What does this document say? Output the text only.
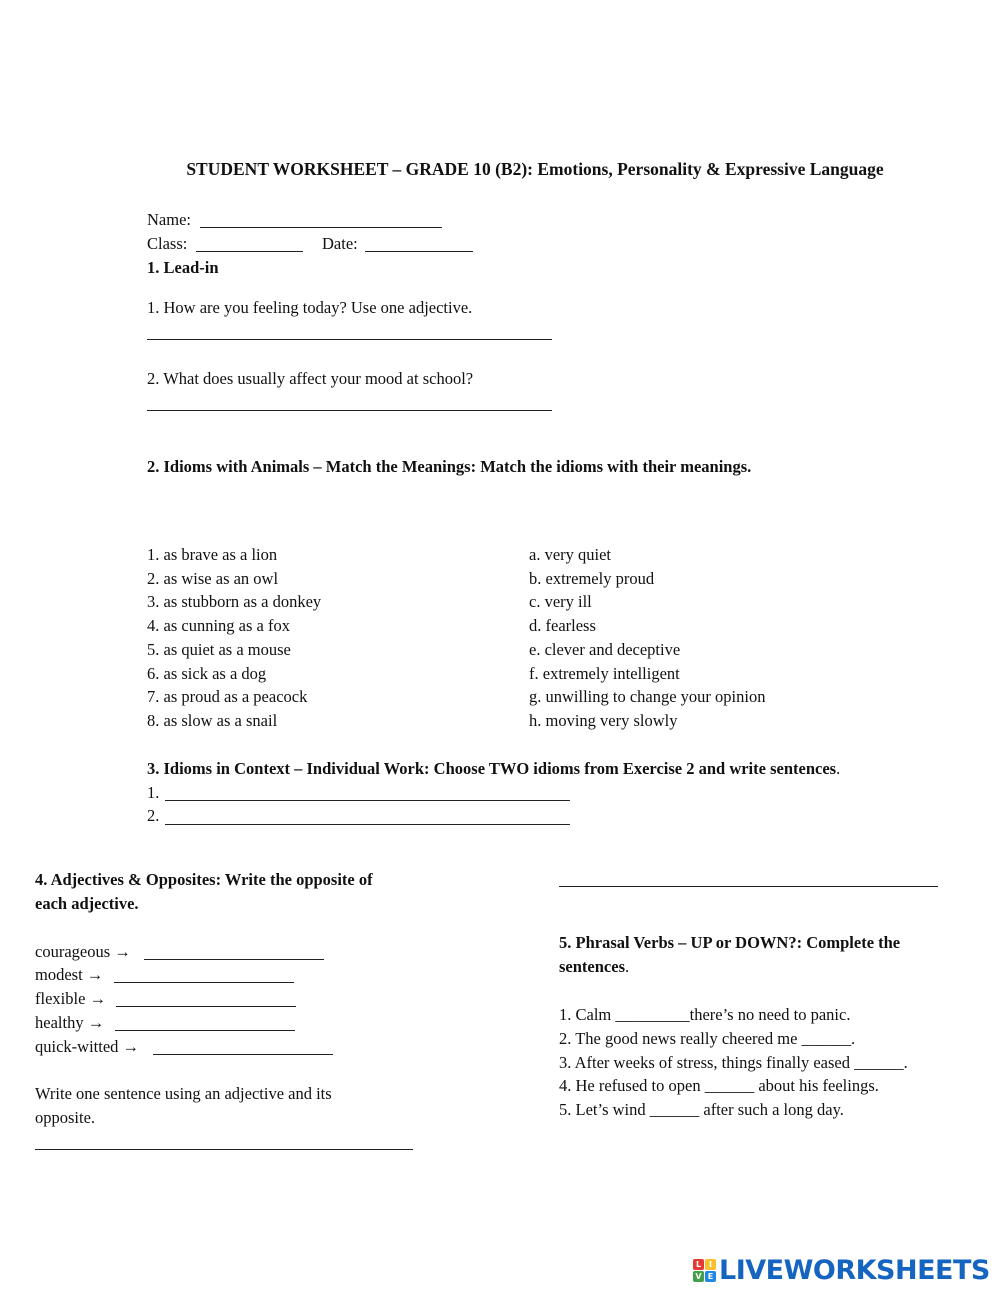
STUDENT WORKSHEET – GRADE 10 (B2): Emotions, Personality & Expressive Language
Name:
Class:	Date:
1. Lead-in
1. How are you feeling today? Use one adjective.
2. What does usually affect your mood at school?
2. Idioms with Animals – Match the Meanings: Match the idioms with their meanings.
1. as brave as a lion
2. as wise as an owl
3. as stubborn as a donkey
4. as cunning as a fox
5. as quiet as a mouse
6. as sick as a dog
7. as proud as a peacock
8. as slow as a snail
a. very quiet
b. extremely proud
c. very ill
d. fearless
e. clever and deceptive
f. extremely intelligent
g. unwilling to change your opinion
h. moving very slowly
3. Idioms in Context – Individual Work: Choose TWO idioms from Exercise 2 and write sentences.
1.
2.
4. Adjectives & Opposites: Write the opposite of
each adjective.
courageous →
modest →
flexible →
healthy →
quick-witted →
Write one sentence using an adjective and its
opposite.
5. Phrasal Verbs – UP or DOWN?: Complete the
sentences.
1. Calm _________there’s no need to panic.
2. The good news really cheered me ______.
3. After weeks of stress, things finally eased ______.
4. He refused to open ______ about his feelings.
5. Let’s wind ______ after such a long day.
L I
V E LIVEWORKSHEETS
